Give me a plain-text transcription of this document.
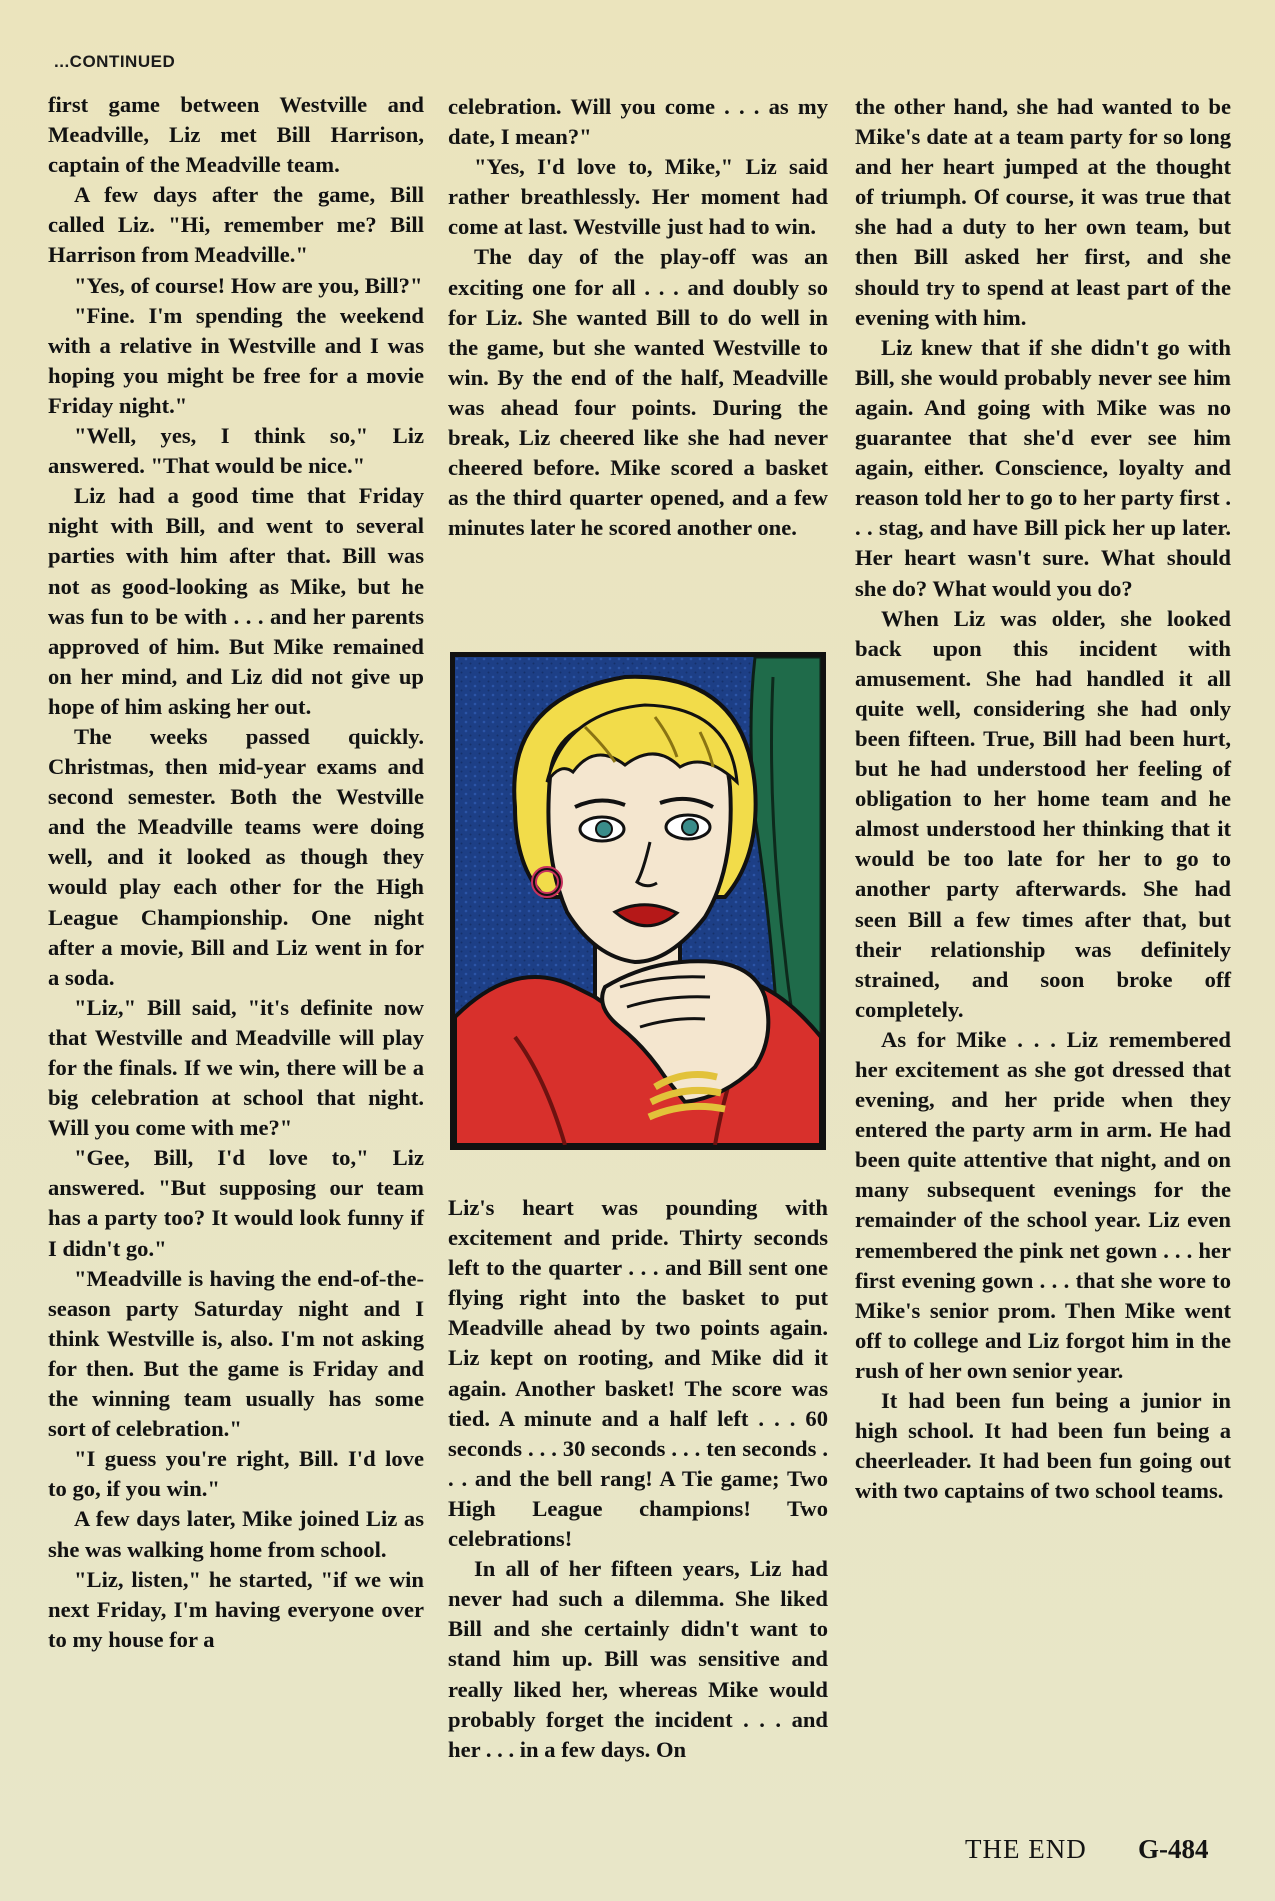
...CONTINUED

first game between Westville and Meadville, Liz met Bill Harrison, captain of the Meadville team.

A few days after the game, Bill called Liz. "Hi, remember me? Bill Harrison from Meadville."

"Yes, of course! How are you, Bill?"

"Fine. I'm spending the weekend with a relative in Westville and I was hoping you might be free for a movie Friday night."

"Well, yes, I think so," Liz answered. "That would be nice."

Liz had a good time that Friday night with Bill, and went to several parties with him after that. Bill was not as good-looking as Mike, but he was fun to be with . . . and her parents approved of him. But Mike remained on her mind, and Liz did not give up hope of him asking her out.

The weeks passed quickly. Christmas, then mid-year exams and second semester. Both the Westville and the Meadville teams were doing well, and it looked as though they would play each other for the High League Championship. One night after a movie, Bill and Liz went in for a soda.

"Liz," Bill said, "it's definite now that Westville and Meadville will play for the finals. If we win, there will be a big celebration at school that night. Will you come with me?"

"Gee, Bill, I'd love to," Liz answered. "But supposing our team has a party too? It would look funny if I didn't go."

"Meadville is having the end-of-the-season party Saturday night and I think Westville is, also. I'm not asking for then. But the game is Friday and the winning team usually has some sort of celebration."

"I guess you're right, Bill. I'd love to go, if you win."

A few days later, Mike joined Liz as she was walking home from school.

"Liz, listen," he started, "if we win next Friday, I'm having everyone over to my house for a

celebration. Will you come . . . as my date, I mean?"

"Yes, I'd love to, Mike," Liz said rather breathlessly. Her moment had come at last. Westville just had to win.

The day of the play-off was an exciting one for all . . . and doubly so for Liz. She wanted Bill to do well in the game, but she wanted Westville to win. By the end of the half, Meadville was ahead four points. During the break, Liz cheered like she had never cheered before. Mike scored a basket as the third quarter opened, and a few minutes later he scored another one.

Liz's heart was pounding with excitement and pride. Thirty seconds left to the quarter . . . and Bill sent one flying right into the basket to put Meadville ahead by two points again. Liz kept on rooting, and Mike did it again. Another basket! The score was tied. A minute and a half left . . . 60 seconds . . . 30 seconds . . . ten seconds . . . and the bell rang! A Tie game; Two High League champions! Two celebrations!

In all of her fifteen years, Liz had never had such a dilemma. She liked Bill and she certainly didn't want to stand him up. Bill was sensitive and really liked her, whereas Mike would probably forget the incident . . . and her . . . in a few days. On

the other hand, she had wanted to be Mike's date at a team party for so long and her heart jumped at the thought of triumph. Of course, it was true that she had a duty to her own team, but then Bill asked her first, and she should try to spend at least part of the evening with him.

Liz knew that if she didn't go with Bill, she would probably never see him again. And going with Mike was no guarantee that she'd ever see him again, either. Conscience, loyalty and reason told her to go to her party first . . . stag, and have Bill pick her up later. Her heart wasn't sure. What should she do? What would you do?

When Liz was older, she looked back upon this incident with amusement. She had handled it all quite well, considering she had only been fifteen. True, Bill had been hurt, but he had understood her feeling of obligation to her home team and he almost understood her thinking that it would be too late for her to go to another party afterwards. She had seen Bill a few times after that, but their relationship was definitely strained, and soon broke off completely.

As for Mike . . . Liz remembered her excitement as she got dressed that evening, and her pride when they entered the party arm in arm. He had been quite attentive that night, and on many subsequent evenings for the remainder of the school year. Liz even remembered the pink net gown . . . her first evening gown . . . that she wore to Mike's senior prom. Then Mike went off to college and Liz forgot him in the rush of her own senior year.

It had been fun being a junior in high school. It had been fun being a cheerleader. It had been fun going out with two captains of two school teams.

THE END G-484
